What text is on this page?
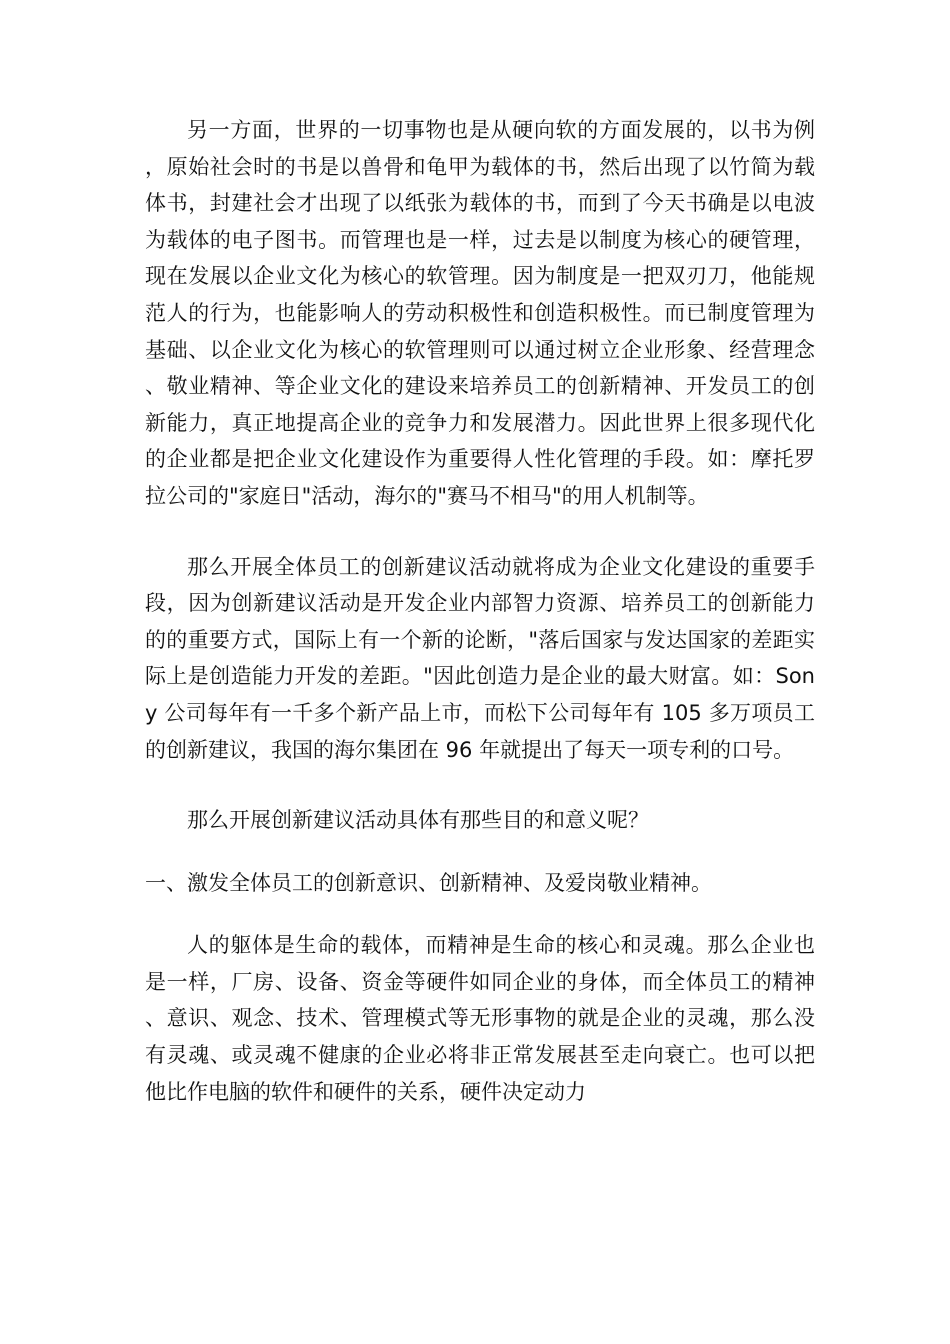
另一方面，世界的一切事物也是从硬向软的方面发展的，以书为例，原始社会时的书是以兽骨和龟甲为载体的书，然后出现了以竹简为载体书，封建社会才出现了以纸张为载体的书，而到了今天书确是以电波为载体的电子图书。而管理也是一样，过去是以制度为核心的硬管理，现在发展以企业文化为核心的软管理。因为制度是一把双刃刀，他能规范人的行为，也能影响人的劳动积极性和创造积极性。而已制度管理为基础、以企业文化为核心的软管理则可以通过树立企业形象、经营理念、敬业精神、等企业文化的建设来培养员工的创新精神、开发员工的创新能力，真正地提高企业的竞争力和发展潜力。因此世界上很多现代化的企业都是把企业文化建设作为重要得人性化管理的手段。如：摩托罗拉公司的"家庭日"活动，海尔的"赛马不相马"的用人机制等。

那么开展全体员工的创新建议活动就将成为企业文化建设的重要手段，因为创新建议活动是开发企业内部智力资源、培养员工的创新能力的的重要方式，国际上有一个新的论断，"落后国家与发达国家的差距实际上是创造能力开发的差距。"因此创造力是企业的最大财富。如：Sony 公司每年有一千多个新产品上市，而松下公司每年有 105 多万项员工的创新建议，我国的海尔集团在 96 年就提出了每天一项专利的口号。

那么开展创新建议活动具体有那些目的和意义呢？

一、激发全体员工的创新意识、创新精神、及爱岗敬业精神。

人的躯体是生命的载体，而精神是生命的核心和灵魂。那么企业也是一样，厂房、设备、资金等硬件如同企业的身体，而全体员工的精神、意识、观念、技术、管理模式等无形事物的就是企业的灵魂，那么没有灵魂、或灵魂不健康的企业必将非正常发展甚至走向衰亡。也可以把他比作电脑的软件和硬件的关系，硬件决定动力
